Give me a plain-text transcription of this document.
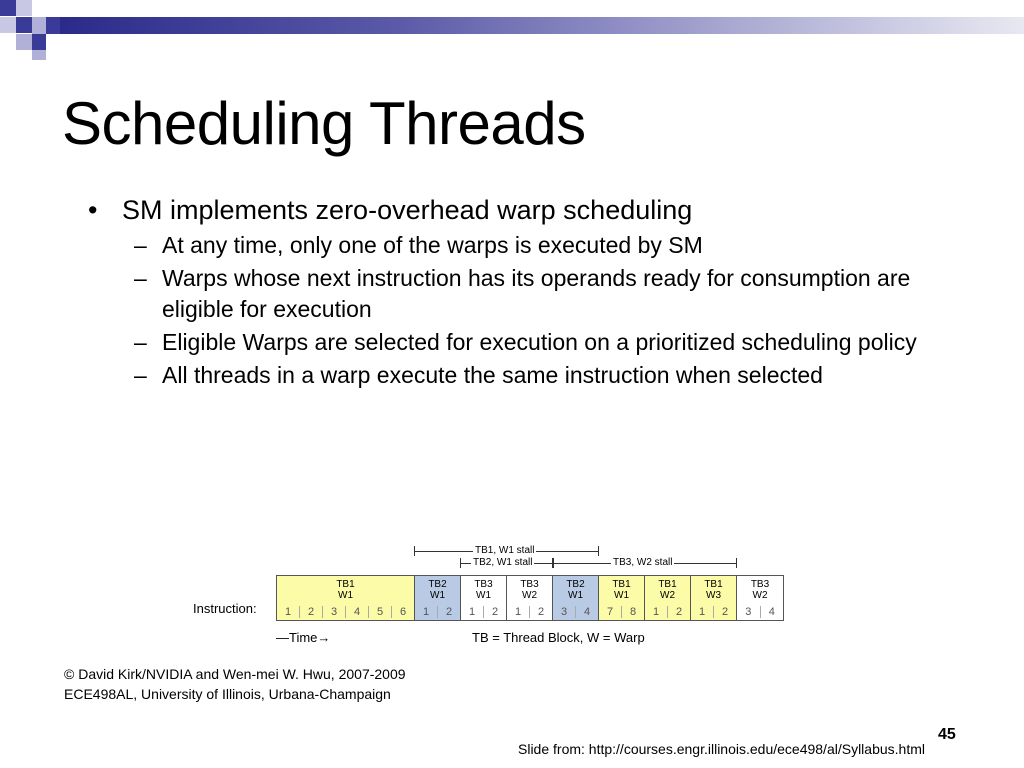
Scheduling Threads
• SM implements zero-overhead warp scheduling
– At any time, only one of the warps is executed by SM
– Warps whose next instruction has its operands ready for consumption are eligible for execution
– Eligible Warps are selected for execution on a prioritized scheduling policy
– All threads in a warp execute the same instruction when selected
TB1, W1 stall
TB2, W1 stall	TB3, W2 stall
Instruction:
TB1
W1
1	2	3	4	5	6
TB2
W1
1	2
TB3
W1
1	2
TB3
W2
1	2
TB2
W1
3	4
TB1
W1
7	8
TB1
W2
1	2
TB1
W3
1	2
TB3
W2
3	4
—Time→	TB = Thread Block, W = Warp
© David Kirk/NVIDIA and Wen-mei W. Hwu, 2007-2009
ECE498AL, University of Illinois, Urbana-Champaign
45
Slide from: http://courses.engr.illinois.edu/ece498/al/Syllabus.html
